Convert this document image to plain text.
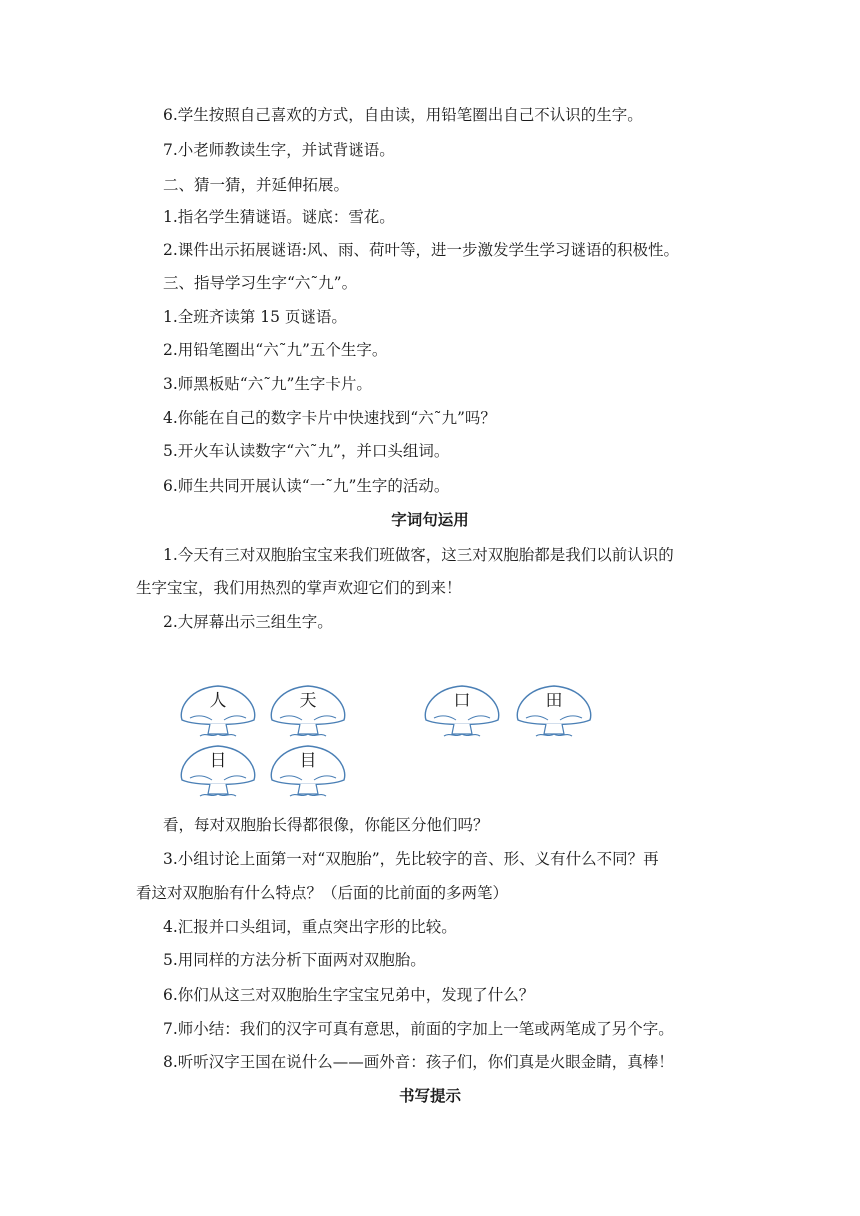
6.学生按照自己喜欢的方式，自由读，用铅笔圈出自己不认识的生字。

7.小老师教读生字，并试背谜语。

二、猜一猜，并延伸拓展。

1.指名学生猜谜语。谜底：雪花。

2.课件出示拓展谜语:风、雨、荷叶等，进一步激发学生学习谜语的积极性。

三、指导学习生字“六˜九”。

1.全班齐读第 15 页谜语。

2.用铅笔圈出“六˜九”五个生字。

3.师黑板贴“六˜九”生字卡片。

4.你能在自己的数字卡片中快速找到“六˜九”吗？

5.开火车认读数字“六˜九”，并口头组词。

6.师生共同开展认读“一˜九”生字的活动。

字词句运用

1.今天有三对双胞胎宝宝来我们班做客，这三对双胞胎都是我们以前认识的

生字宝宝，我们用热烈的掌声欢迎它们的到来！

2.大屏幕出示三组生字。

人	天	口	田
日	目

看，每对双胞胎长得都很像，你能区分他们吗？

3.小组讨论上面第一对“双胞胎”，先比较字的音、形、义有什么不同？再

看这对双胞胎有什么特点？（后面的比前面的多两笔）

4.汇报并口头组词，重点突出字形的比较。

5.用同样的方法分析下面两对双胞胎。

6.你们从这三对双胞胎生字宝宝兄弟中，发现了什么？

7.师小结：我们的汉字可真有意思，前面的字加上一笔或两笔成了另个字。

8.听听汉字王国在说什么——画外音：孩子们，你们真是火眼金睛，真棒！

书写提示
